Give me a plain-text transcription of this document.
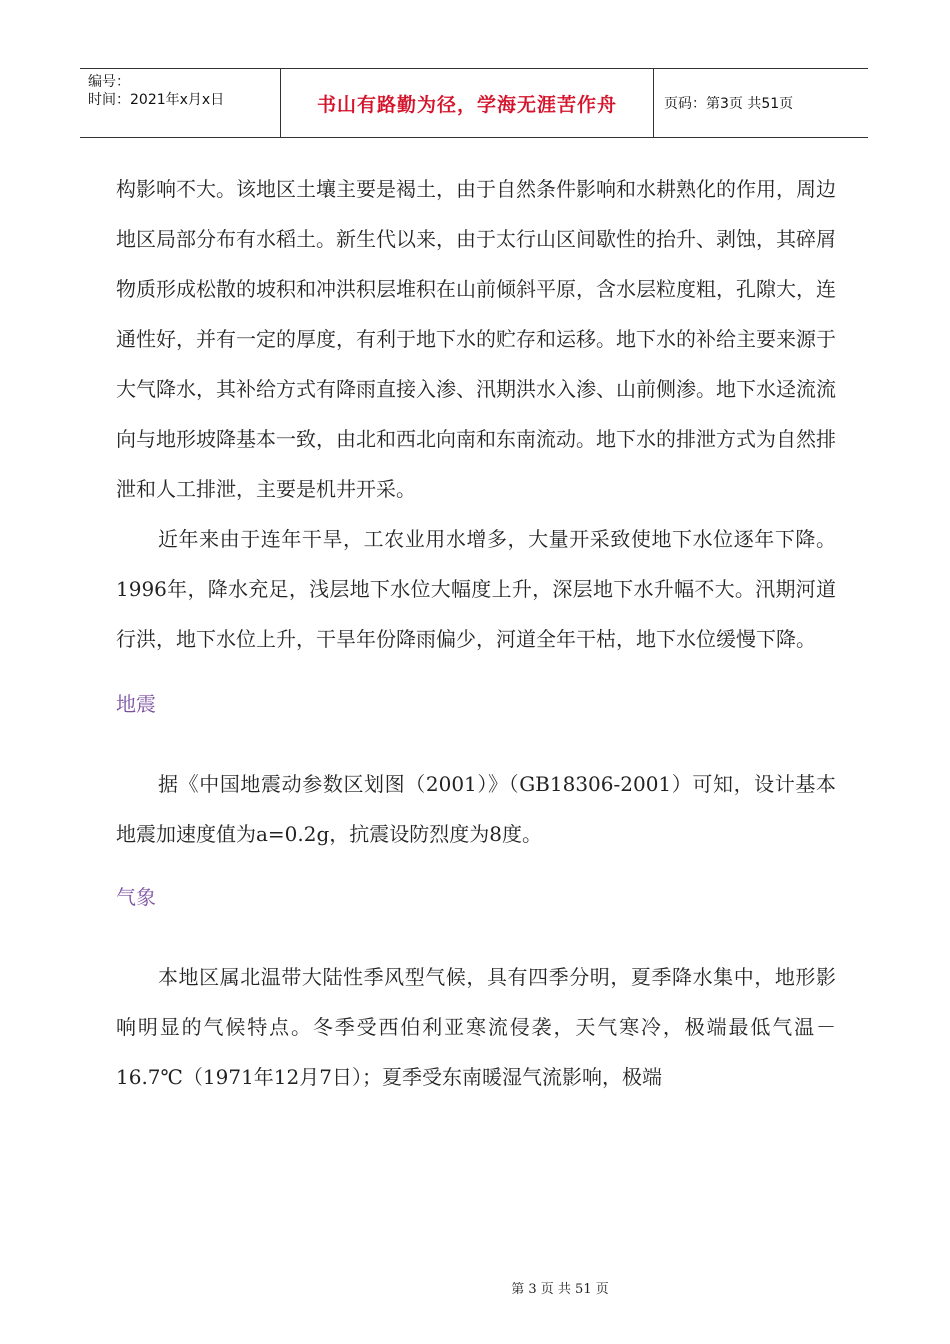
编号：
时间：2021年x月x日	书山有路勤为径，学海无涯苦作舟	页码：第3页 共51页

构影响不大。该地区土壤主要是褐土，由于自然条件影响和水耕熟化的作用，周边地区局部分布有水稻土。新生代以来，由于太行山区间歇性的抬升、剥蚀，其碎屑物质形成松散的坡积和冲洪积层堆积在山前倾斜平原，含水层粒度粗，孔隙大，连通性好，并有一定的厚度，有利于地下水的贮存和运移。地下水的补给主要来源于大气降水，其补给方式有降雨直接入渗、汛期洪水入渗、山前侧渗。地下水迳流流向与地形坡降基本一致，由北和西北向南和东南流动。地下水的排泄方式为自然排泄和人工排泄，主要是机井开采。

近年来由于连年干旱，工农业用水增多，大量开采致使地下水位逐年下降。1996年，降水充足，浅层地下水位大幅度上升，深层地下水升幅不大。汛期河道行洪，地下水位上升，干旱年份降雨偏少，河道全年干枯，地下水位缓慢下降。

地震

据《中国地震动参数区划图（2001）》（GB18306-2001）可知，设计基本地震加速度值为a=0.2g，抗震设防烈度为8度。

气象

本地区属北温带大陆性季风型气候，具有四季分明，夏季降水集中，地形影响明显的气候特点。冬季受西伯利亚寒流侵袭，天气寒冷，极端最低气温－16.7℃（1971年12月7日）；夏季受东南暖湿气流影响，极端

第 3 页 共 51 页
